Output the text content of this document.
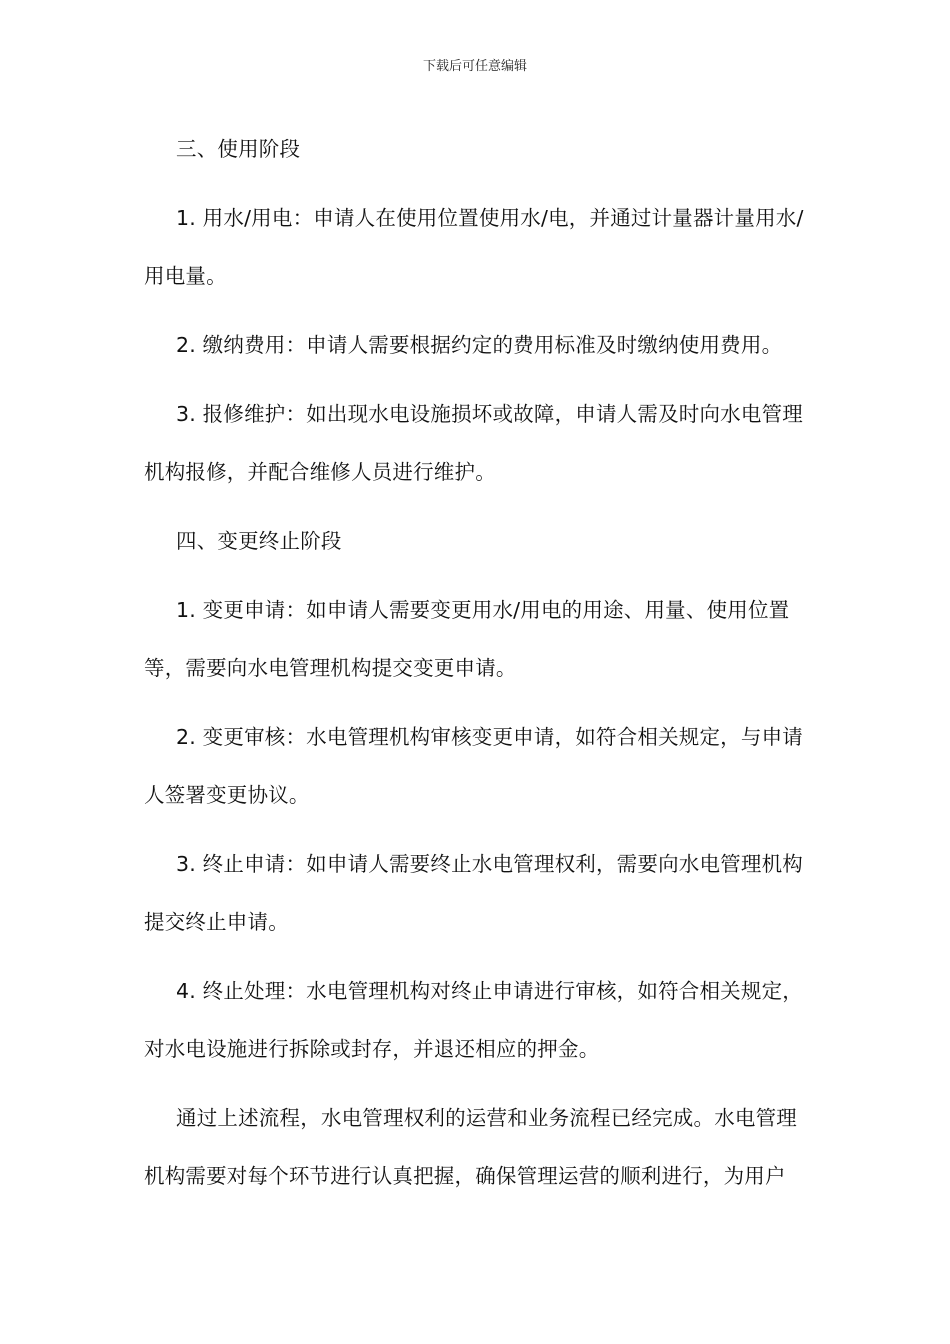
下载后可任意编辑

三、使用阶段

1. 用水/用电：申请人在使用位置使用水/电，并通过计量器计量用水/用电量。

2. 缴纳费用：申请人需要根据约定的费用标准及时缴纳使用费用。

3. 报修维护：如出现水电设施损坏或故障，申请人需及时向水电管理机构报修，并配合维修人员进行维护。

四、变更终止阶段

1. 变更申请：如申请人需要变更用水/用电的用途、用量、使用位置等，需要向水电管理机构提交变更申请。

2. 变更审核：水电管理机构审核变更申请，如符合相关规定，与申请人签署变更协议。

3. 终止申请：如申请人需要终止水电管理权利，需要向水电管理机构提交终止申请。

4. 终止处理：水电管理机构对终止申请进行审核，如符合相关规定，对水电设施进行拆除或封存，并退还相应的押金。

通过上述流程，水电管理权利的运营和业务流程已经完成。水电管理机构需要对每个环节进行认真把握，确保管理运营的顺利进行，为用户
